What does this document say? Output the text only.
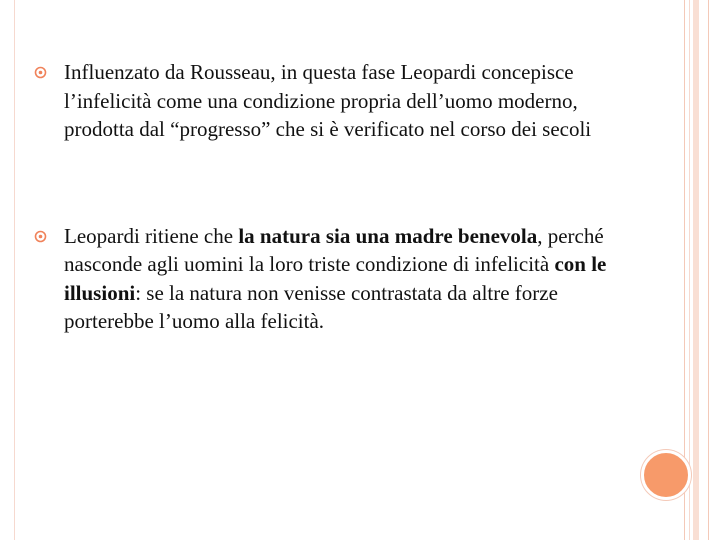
Influenzato da Rousseau, in questa fase Leopardi concepisce l’infelicità come una condizione propria dell’uomo moderno, prodotta dal “progresso” che si è verificato nel corso dei secoli
Leopardi ritiene che la natura sia una madre benevola, perché nasconde agli uomini la loro triste condizione di infelicità con le illusioni: se la natura non venisse contrastata da altre forze porterebbe l’uomo alla felicità.
